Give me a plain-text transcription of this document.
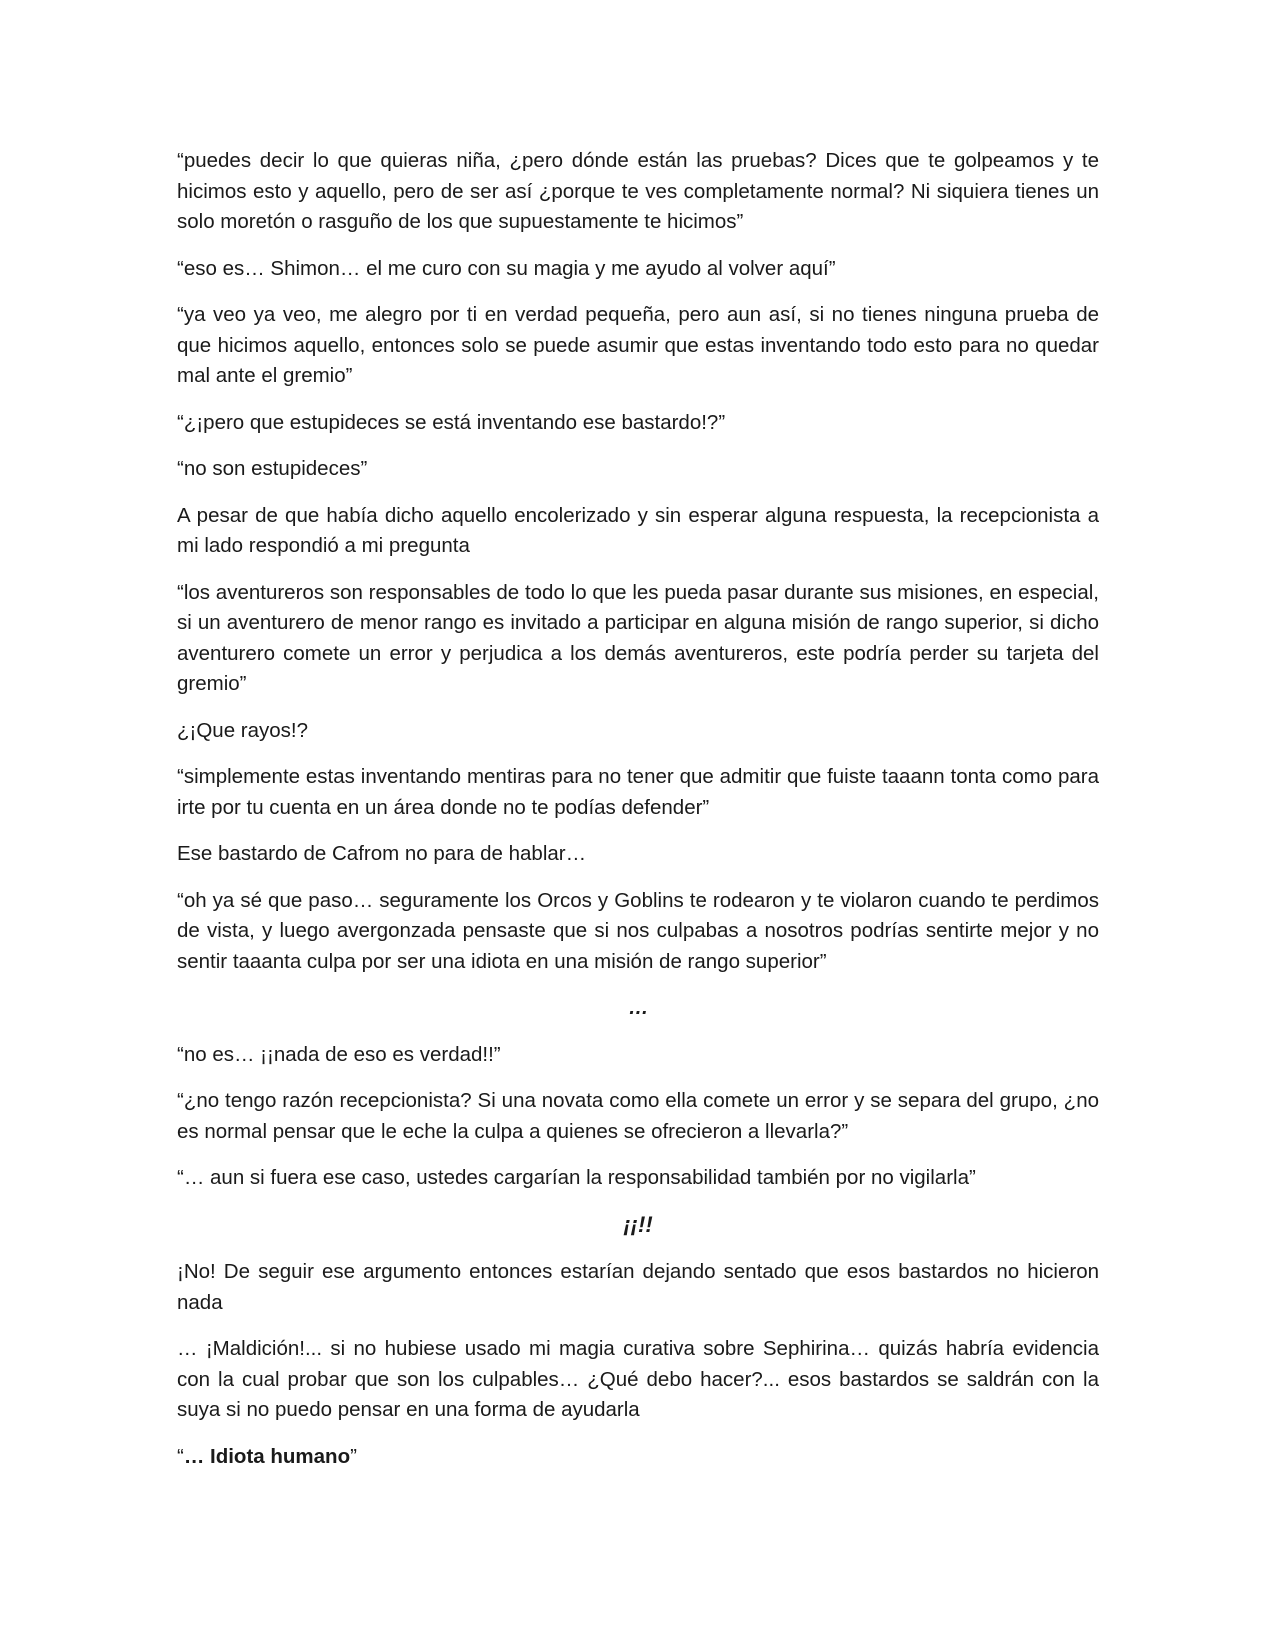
“puedes decir lo que quieras niña, ¿pero dónde están las pruebas? Dices que te golpeamos y te hicimos esto y aquello, pero de ser así ¿porque te ves completamente normal? Ni siquiera tienes un solo moretón o rasguño de los que supuestamente te hicimos”

“eso es… Shimon… el me curo con su magia y me ayudo al volver aquí”

“ya veo ya veo, me alegro por ti en verdad pequeña, pero aun así, si no tienes ninguna prueba de que hicimos aquello, entonces solo se puede asumir que estas inventando todo esto para no quedar mal ante el gremio”

“¿¡pero que estupideces se está inventando ese bastardo!?”

“no son estupideces”

A pesar de que había dicho aquello encolerizado y sin esperar alguna respuesta, la recepcionista a mi lado respondió a mi pregunta

“los aventureros son responsables de todo lo que les pueda pasar durante sus misiones, en especial, si un aventurero de menor rango es invitado a participar en alguna misión de rango superior, si dicho aventurero comete un error y perjudica a los demás aventureros, este podría perder su tarjeta del gremio”

¿¡Que rayos!?

“simplemente estas inventando mentiras para no tener que admitir que fuiste taaann tonta como para irte por tu cuenta en un área donde no te podías defender”

Ese bastardo de Cafrom no para de hablar…

“oh ya sé que paso… seguramente los Orcos y Goblins te rodearon y te violaron cuando te perdimos de vista, y luego avergonzada pensaste que si nos culpabas a nosotros podrías sentirte mejor y no sentir taaanta culpa por ser una idiota en una misión de rango superior”

…

“no es… ¡¡nada de eso es verdad!!”

“¿no tengo razón recepcionista? Si una novata como ella comete un error y se separa del grupo, ¿no es normal pensar que le eche la culpa a quienes se ofrecieron a llevarla?”

“… aun si fuera ese caso, ustedes cargarían la responsabilidad también por no vigilarla”

¡¡!!

¡No! De seguir ese argumento entonces estarían dejando sentado que esos bastardos no hicieron nada

… ¡Maldición!... si no hubiese usado mi magia curativa sobre Sephirina… quizás habría evidencia con la cual probar que son los culpables… ¿Qué debo hacer?... esos bastardos se saldrán con la suya si no puedo pensar en una forma de ayudarla

“… Idiota humano”
